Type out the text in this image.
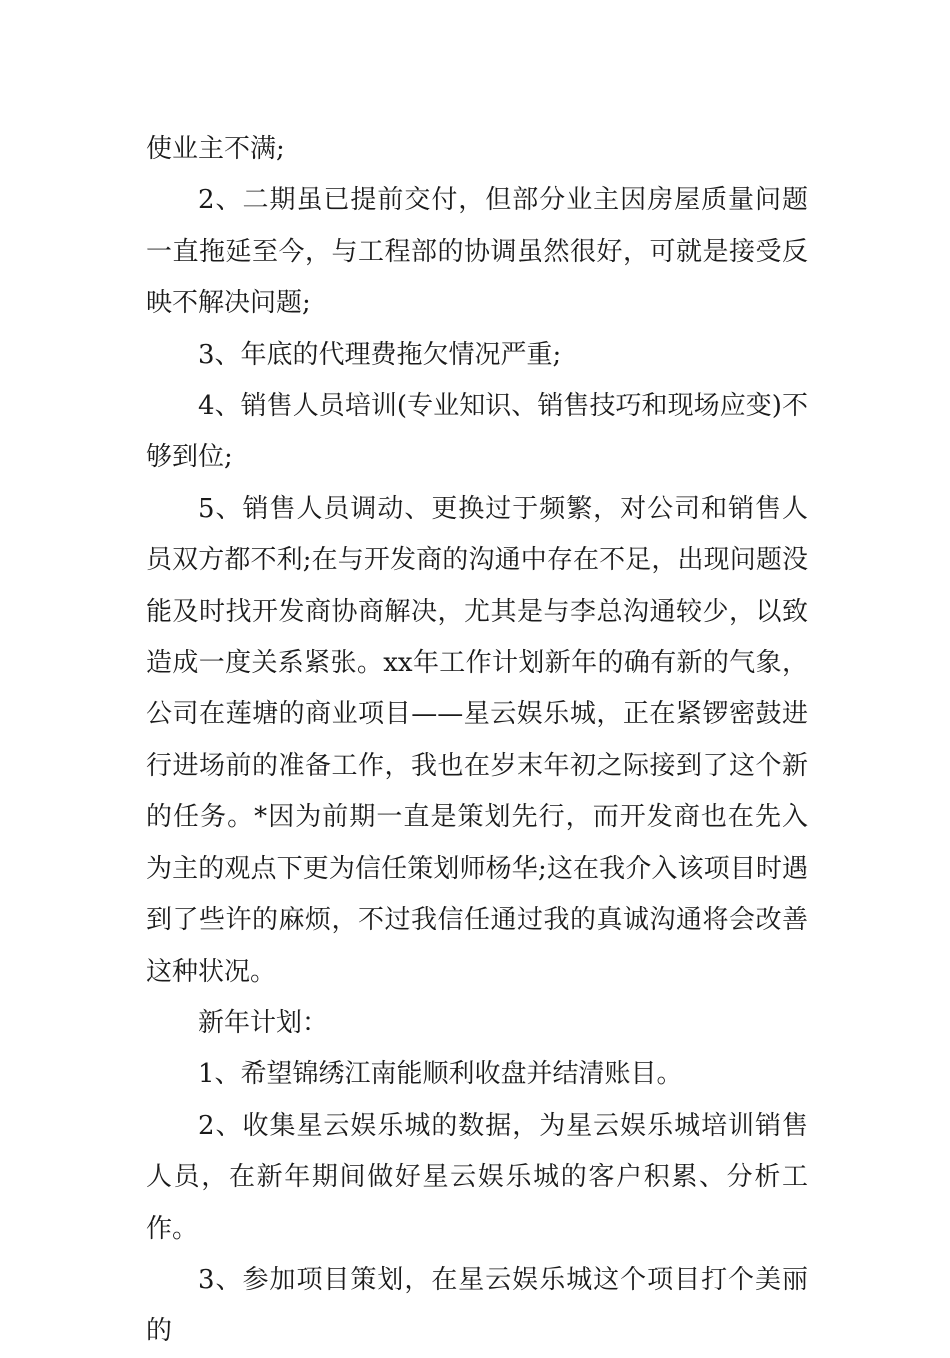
使业主不满;

2、二期虽已提前交付，但部分业主因房屋质量问题一直拖延至今，与工程部的协调虽然很好，可就是接受反映不解决问题;

3、年底的代理费拖欠情况严重;

4、销售人员培训(专业知识、销售技巧和现场应变)不够到位;

5、销售人员调动、更换过于频繁，对公司和销售人员双方都不利;在与开发商的沟通中存在不足，出现问题没能及时找开发商协商解决，尤其是与李总沟通较少，以致造成一度关系紧张。xx年工作计划新年的确有新的气象，公司在莲塘的商业项目——星云娱乐城，正在紧锣密鼓进行进场前的准备工作，我也在岁末年初之际接到了这个新的任务。*因为前期一直是策划先行，而开发商也在先入为主的观点下更为信任策划师杨华;这在我介入该项目时遇到了些许的麻烦，不过我信任通过我的真诚沟通将会改善这种状况。

新年计划：

1、希望锦绣江南能顺利收盘并结清账目。

2、收集星云娱乐城的数据，为星云娱乐城培训销售人员，在新年期间做好星云娱乐城的客户积累、分析工作。

3、参加项目策划，在星云娱乐城这个项目打个美丽的
